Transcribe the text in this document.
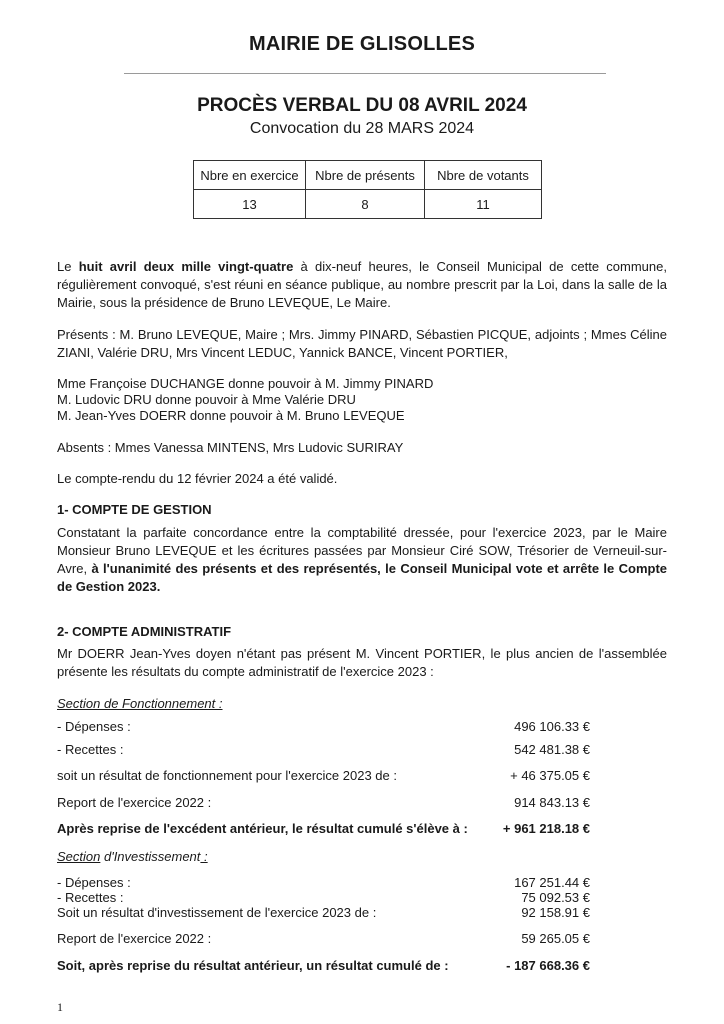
MAIRIE DE GLISOLLES
PROCÈS VERBAL DU 08 AVRIL 2024
Convocation du 28 MARS 2024
Nbre en exercice	Nbre de présents	Nbre de votants
13	8	11
Le huit avril deux mille vingt-quatre à dix-neuf heures, le Conseil Municipal de cette commune, régulièrement convoqué, s'est réuni en séance publique, au nombre prescrit par la Loi, dans la salle de la Mairie, sous la présidence de Bruno LEVEQUE, Le Maire.
Présents : M. Bruno LEVEQUE, Maire ; Mrs. Jimmy PINARD, Sébastien PICQUE, adjoints ; Mmes Céline ZIANI, Valérie DRU, Mrs Vincent LEDUC, Yannick BANCE, Vincent PORTIER,
Mme Françoise DUCHANGE donne pouvoir à M. Jimmy PINARD
M. Ludovic DRU donne pouvoir à Mme Valérie DRU
M. Jean-Yves DOERR donne pouvoir à M. Bruno LEVEQUE
Absents : Mmes Vanessa MINTENS, Mrs Ludovic SURIRAY
Le compte-rendu du 12 février 2024 a été validé.
1- COMPTE DE GESTION
Constatant la parfaite concordance entre la comptabilité dressée, pour l'exercice 2023, par le Maire Monsieur Bruno LEVEQUE et les écritures passées par Monsieur Ciré SOW, Trésorier de Verneuil-sur-Avre, à l'unanimité des présents et des représentés, le Conseil Municipal vote et arrête le Compte de Gestion 2023.
2- COMPTE ADMINISTRATIF
Mr DOERR Jean-Yves doyen n'étant pas présent M. Vincent PORTIER, le plus ancien de l'assemblée présente les résultats du compte administratif de l'exercice 2023 :
Section de Fonctionnement :
- Dépenses :	496 106.33 €
- Recettes :	542 481.38 €
soit un résultat de fonctionnement pour l'exercice 2023 de :	+ 46 375.05 €
Report de l'exercice 2022 :	914 843.13 €
Après reprise de l'excédent antérieur, le résultat cumulé s'élève à :	+ 961 218.18 €
Section d'Investissement :
- Dépenses :	167 251.44 €
- Recettes :	75 092.53 €
Soit un résultat d'investissement de l'exercice 2023 de :	92 158.91 €
Report de l'exercice 2022 :	59 265.05 €
Soit, après reprise du résultat antérieur, un résultat cumulé de :	- 187 668.36 €
1
